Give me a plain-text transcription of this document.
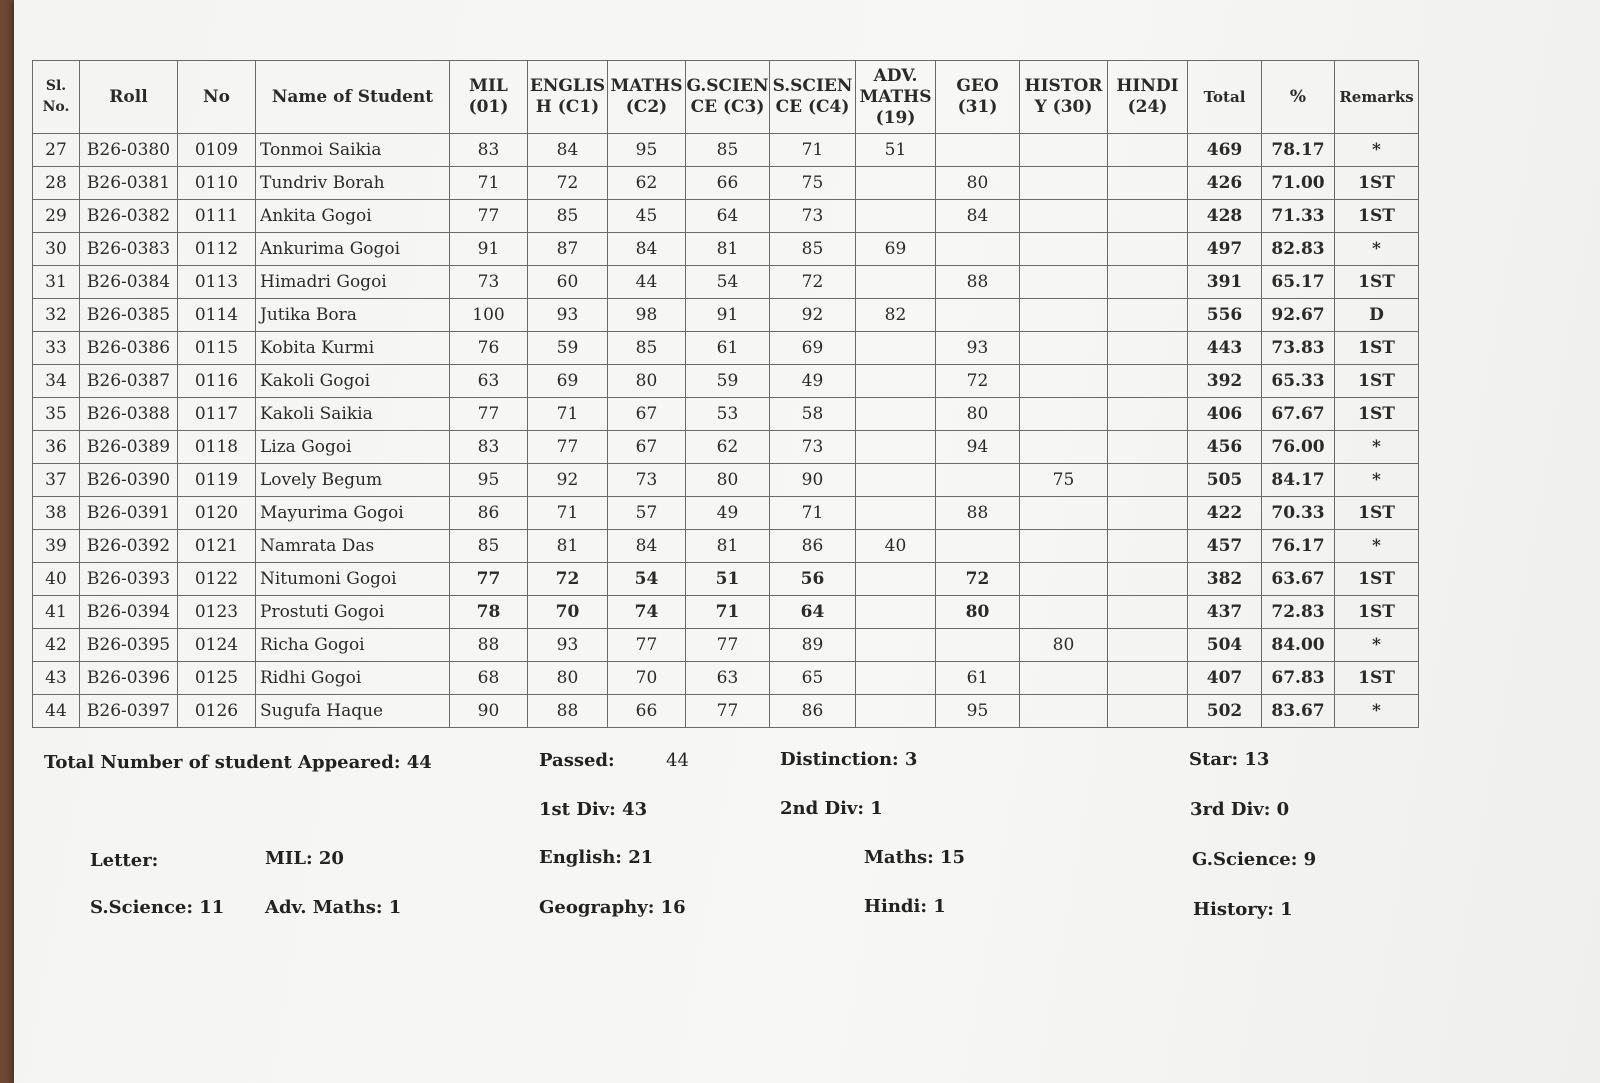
Sl. No.	Roll	No	Name of Student	MIL (01)	ENGLISH (C1)	MATHS (C2)	G.SCIENCE (C3)	S.SCIENCE (C4)	ADV. MATHS (19)	GEO (31)	HISTORY (30)	HINDI (24)	Total	%	Remarks
27	B26-0380	0109	Tonmoi Saikia	83	84	95	85	71	51				469	78.17	*
28	B26-0381	0110	Tundriv Borah	71	72	62	66	75		80			426	71.00	1ST
29	B26-0382	0111	Ankita Gogoi	77	85	45	64	73		84			428	71.33	1ST
30	B26-0383	0112	Ankurima Gogoi	91	87	84	81	85	69				497	82.83	*
31	B26-0384	0113	Himadri Gogoi	73	60	44	54	72		88			391	65.17	1ST
32	B26-0385	0114	Jutika Bora	100	93	98	91	92	82				556	92.67	D
33	B26-0386	0115	Kobita Kurmi	76	59	85	61	69		93			443	73.83	1ST
34	B26-0387	0116	Kakoli Gogoi	63	69	80	59	49		72			392	65.33	1ST
35	B26-0388	0117	Kakoli Saikia	77	71	67	53	58		80			406	67.67	1ST
36	B26-0389	0118	Liza Gogoi	83	77	67	62	73		94			456	76.00	*
37	B26-0390	0119	Lovely Begum	95	92	73	80	90			75		505	84.17	*
38	B26-0391	0120	Mayurima Gogoi	86	71	57	49	71		88			422	70.33	1ST
39	B26-0392	0121	Namrata Das	85	81	84	81	86	40				457	76.17	*
40	B26-0393	0122	Nitumoni Gogoi	77	72	54	51	56		72			382	63.67	1ST
41	B26-0394	0123	Prostuti Gogoi	78	70	74	71	64		80			437	72.83	1ST
42	B26-0395	0124	Richa Gogoi	88	93	77	77	89			80		504	84.00	*
43	B26-0396	0125	Ridhi Gogoi	68	80	70	63	65		61			407	67.83	1ST
44	B26-0397	0126	Sugufa Haque	90	88	66	77	86		95			502	83.67	*
Total Number of student Appeared: 44	Passed:	44	Distinction: 3	Star: 13
1st Div: 43	2nd Div: 1	3rd Div: 0
Letter:	MIL: 20	English: 21	Maths: 15	G.Science: 9
S.Science: 11 Adv. Maths: 1	Geography: 16	Hindi: 1	History: 1
